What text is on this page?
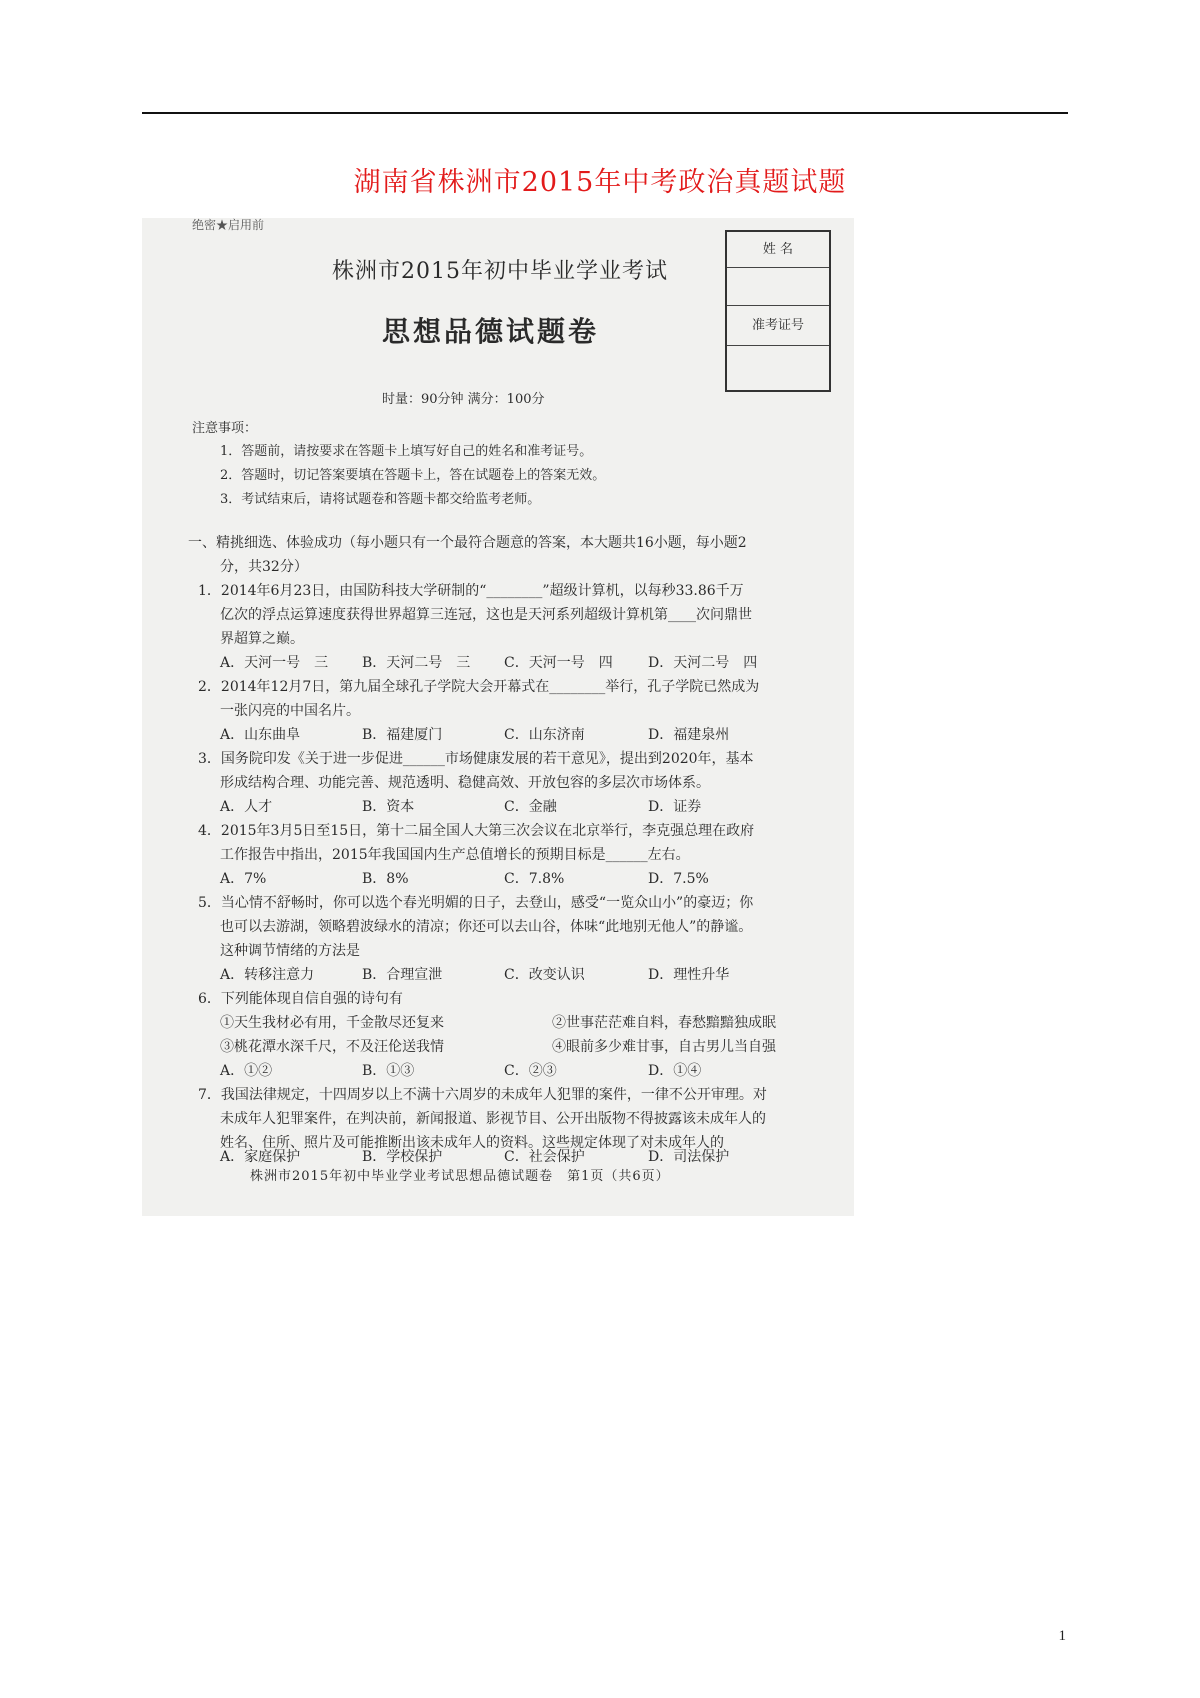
湖南省株洲市2015年中考政治真题试题
绝密★启用前
株洲市2015年初中毕业学业考试
思想品德试题卷
姓 名
准考证号
时量：90分钟 满分：100分
注意事项：
1．答题前，请按要求在答题卡上填写好自己的姓名和准考证号。
2．答题时，切记答案要填在答题卡上，答在试题卷上的答案无效。
3．考试结束后，请将试题卷和答题卡都交给监考老师。
一、精挑细选、体验成功（每小题只有一个最符合题意的答案，本大题共16小题，每小题2
分，共32分）
1．2014年6月23日，由国防科技大学研制的“________”超级计算机，以每秒33.86千万
亿次的浮点运算速度获得世界超算三连冠，这也是天河系列超级计算机第____次问鼎世
界超算之巅。
A．天河一号　三 B．天河二号　三 C．天河一号　四	D．天河二号　四
2．2014年12月7日，第九届全球孔子学院大会开幕式在________举行，孔子学院已然成为
一张闪亮的中国名片。
A．山东曲阜	B．福建厦门	C．山东济南	D．福建泉州
3．国务院印发《关于进一步促进______市场健康发展的若干意见》，提出到2020年，基本
形成结构合理、功能完善、规范透明、稳健高效、开放包容的多层次市场体系。
A．人才	B．资本	C．金融	D．证券
4．2015年3月5日至15日，第十二届全国人大第三次会议在北京举行，李克强总理在政府
工作报告中指出，2015年我国国内生产总值增长的预期目标是______左右。
A．7%	B．8%	C．7.8%	D．7.5%
5．当心情不舒畅时，你可以选个春光明媚的日子，去登山，感受“一览众山小”的豪迈；你
也可以去游湖，领略碧波绿水的清凉；你还可以去山谷，体味“此地别无他人”的静谧。
这种调节情绪的方法是
A．转移注意力	B．合理宣泄	C．改变认识	D．理性升华
6．下列能体现自信自强的诗句有
①天生我材必有用，千金散尽还复来	②世事茫茫难自料，春愁黯黯独成眠
③桃花潭水深千尺，不及汪伦送我情	④眼前多少难甘事，自古男儿当自强
A．①②	B．①③	C．②③	D．①④
7．我国法律规定，十四周岁以上不满十六周岁的未成年人犯罪的案件，一律不公开审理。对
未成年人犯罪案件，在判决前，新闻报道、影视节目、公开出版物不得披露该未成年人的
姓名、住所、照片及可能推断出该未成年人的资料。这些规定体现了对未成年人的
A．家庭保护	B．学校保护	C．社会保护	D．司法保护
株洲市2015年初中毕业学业考试思想品德试题卷　第1页（共6页）
1
